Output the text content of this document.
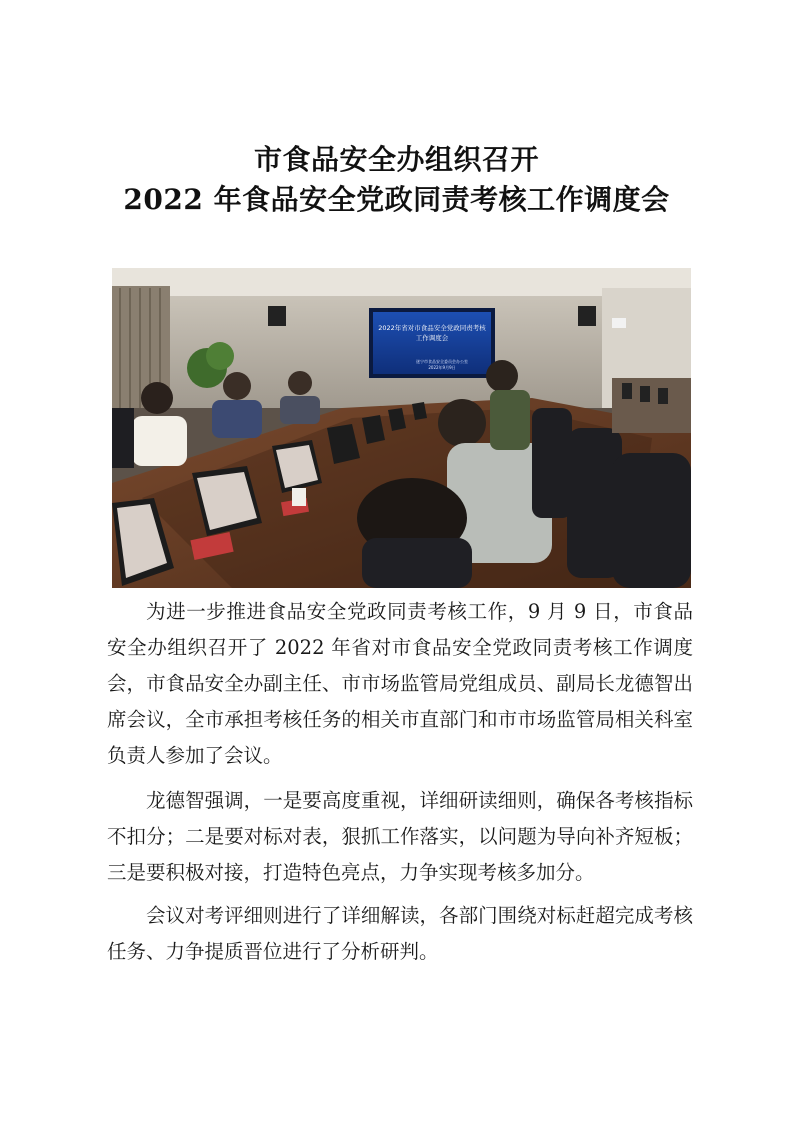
市食品安全办组织召开
2022 年食品安全党政同责考核工作调度会
2022年省对市食品安全党政同责考核
工作调度会
遂宁市食品安全委员会办公室
2022年9月9日

为进一步推进食品安全党政同责考核工作，9 月 9 日，市食品安全办组织召开了 2022 年省对市食品安全党政同责考核工作调度会，市食品安全办副主任、市市场监管局党组成员、副局长龙德智出席会议，全市承担考核任务的相关市直部门和市市场监管局相关科室负责人参加了会议。

龙德智强调，一是要高度重视，详细研读细则，确保各考核指标不扣分；二是要对标对表，狠抓工作落实，以问题为导向补齐短板；三是要积极对接，打造特色亮点，力争实现考核多加分。

会议对考评细则进行了详细解读，各部门围绕对标赶超完成考核任务、力争提质晋位进行了分析研判。
